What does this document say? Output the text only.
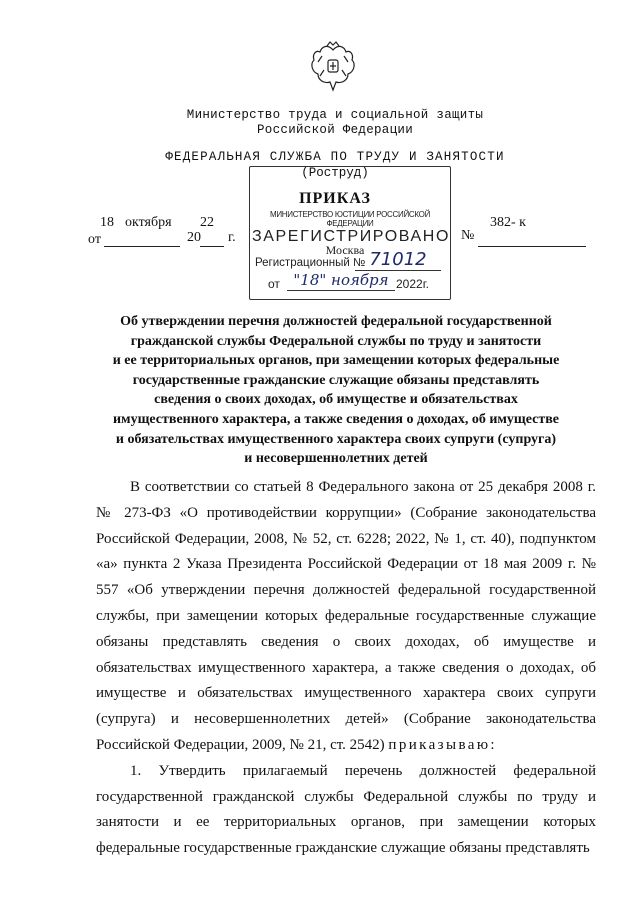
Министерство труда и социальной защиты
Российской Федерации
ФЕДЕРАЛЬНАЯ СЛУЖБА ПО ТРУДУ И ЗАНЯТОСТИ
(Роструд)
ПРИКАЗ
МИНИСТЕРСТВО ЮСТИЦИИ РОССИЙСКОЙ ФЕДЕРАЦИИ
ЗАРЕГИСТРИРОВАНО
Москва
Регистрационный № 71012
от "18" ноября 2022г.
от
18 октября
20
22
г.	№
382- к
Об утверждении перечня должностей федеральной государственной
гражданской службы Федеральной службы по труду и занятости
и ее территориальных органов, при замещении которых федеральные
государственные гражданские служащие обязаны представлять
сведения о своих доходах, об имуществе и обязательствах
имущественного характера, а также сведения о доходах, об имуществе
и обязательствах имущественного характера своих супруги (супруга)
и несовершеннолетних детей

В соответствии со статьей 8 Федерального закона от 25 декабря 2008 г. № 273-ФЗ «О противодействии коррупции» (Собрание законодательства Российской Федерации, 2008, № 52, ст. 6228; 2022, № 1, ст. 40), подпунктом «а» пункта 2 Указа Президента Российской Федерации от 18 мая 2009 г. № 557 «Об утверждении перечня должностей федеральной государственной службы, при замещении которых федеральные государственные служащие обязаны представлять сведения о своих доходах, об имуществе и обязательствах имущественного характера, а также сведения о доходах, об имуществе и обязательствах имущественного характера своих супруги (супруга) и несовершеннолетних детей» (Собрание законодательства Российской Федерации, 2009, № 21, ст. 2542) приказываю:

1. Утвердить прилагаемый перечень должностей федеральной государственной гражданской службы Федеральной службы по труду и занятости и ее территориальных органов, при замещении которых федеральные государственные гражданские служащие обязаны представлять
